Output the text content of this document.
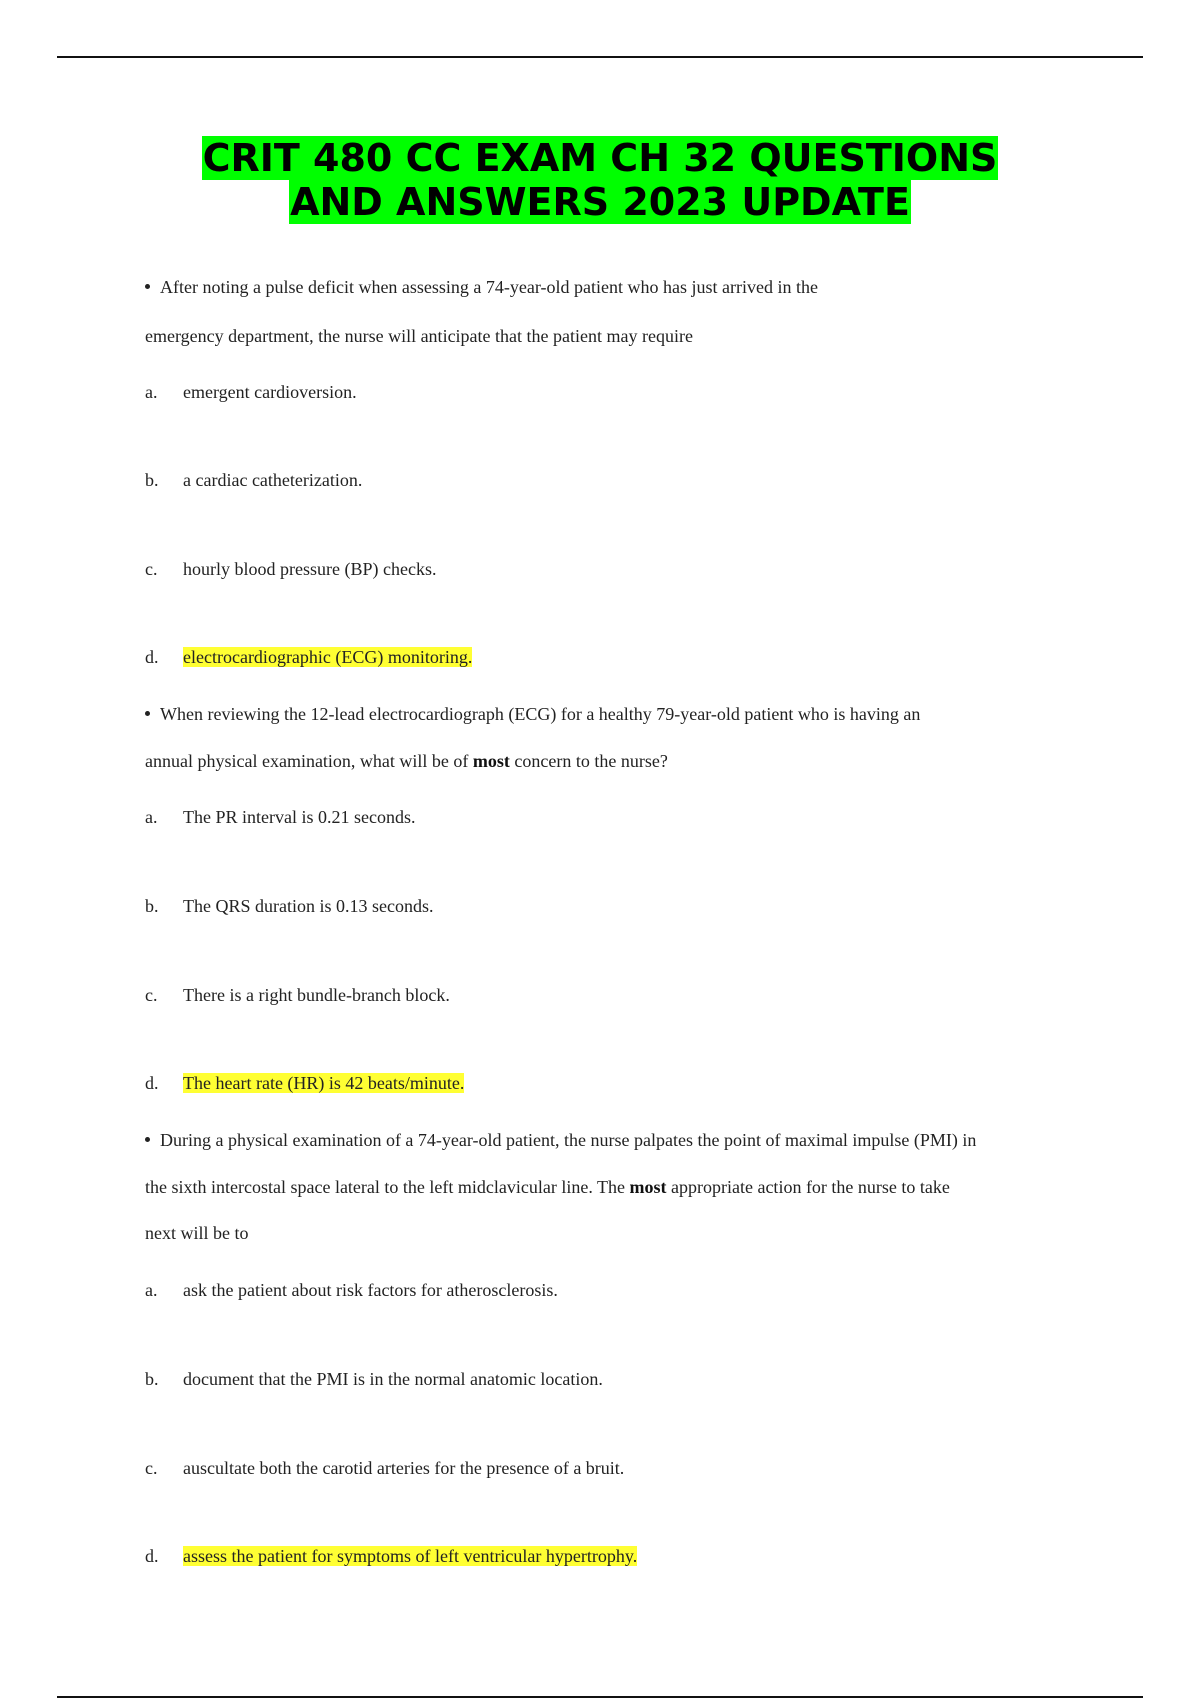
CRIT 480 CC EXAM CH 32 QUESTIONS
AND ANSWERS 2023 UPDATE
After noting a pulse deficit when assessing a 74-year-old patient who has just arrived in the
emergency department, the nurse will anticipate that the patient may require
a. emergent cardioversion.
b. a cardiac catheterization.
c. hourly blood pressure (BP) checks.
d. electrocardiographic (ECG) monitoring.
When reviewing the 12-lead electrocardiograph (ECG) for a healthy 79-year-old patient who is having an
annual physical examination, what will be of most concern to the nurse?
a. The PR interval is 0.21 seconds.
b. The QRS duration is 0.13 seconds.
c. There is a right bundle-branch block.
d. The heart rate (HR) is 42 beats/minute.
During a physical examination of a 74-year-old patient, the nurse palpates the point of maximal impulse (PMI) in
the sixth intercostal space lateral to the left midclavicular line. The most appropriate action for the nurse to take
next will be to
a. ask the patient about risk factors for atherosclerosis.
b. document that the PMI is in the normal anatomic location.
c. auscultate both the carotid arteries for the presence of a bruit.
d. assess the patient for symptoms of left ventricular hypertrophy.
